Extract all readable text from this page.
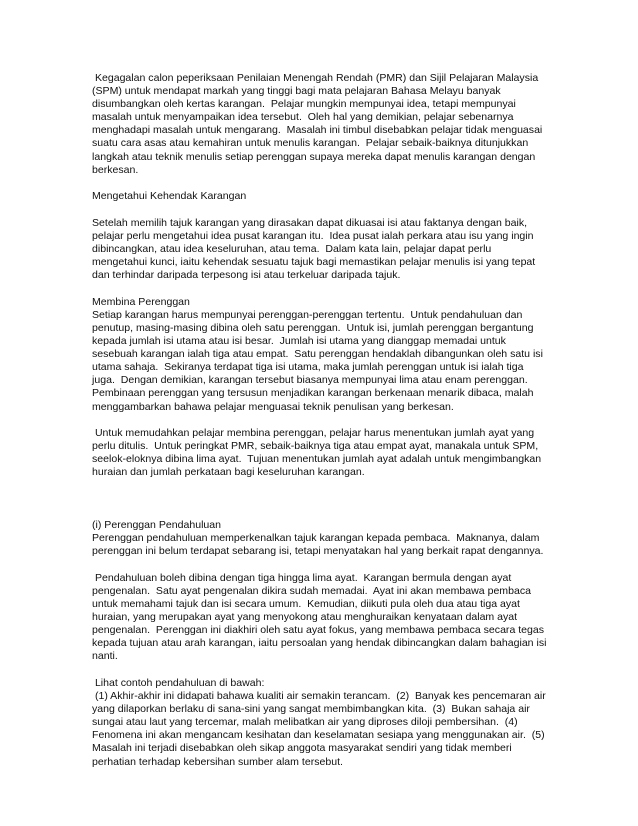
Kegagalan calon peperiksaan Penilaian Menengah Rendah (PMR) dan Sijil Pelajaran Malaysia (SPM) untuk mendapat markah yang tinggi bagi mata pelajaran Bahasa Melayu banyak disumbangkan oleh kertas karangan.  Pelajar mungkin mempunyai idea, tetapi mempunyai masalah untuk menyampaikan idea tersebut.  Oleh hal yang demikian, pelajar sebenarnya menghadapi masalah untuk mengarang.  Masalah ini timbul disebabkan pelajar tidak menguasai suatu cara asas atau kemahiran untuk menulis karangan.  Pelajar sebaik-baiknya ditunjukkan langkah atau teknik menulis setiap perenggan supaya mereka dapat menulis karangan dengan berkesan.

Mengetahui Kehendak Karangan

Setelah memilih tajuk karangan yang dirasakan dapat dikuasai isi atau faktanya dengan baik, pelajar perlu mengetahui idea pusat karangan itu.  Idea pusat ialah perkara atau isu yang ingin dibincangkan, atau idea keseluruhan, atau tema.  Dalam kata lain, pelajar dapat perlu mengetahui kunci, iaitu kehendak sesuatu tajuk bagi memastikan pelajar menulis isi yang tepat dan terhindar daripada terpesong isi atau terkeluar daripada tajuk.

Membina Perenggan

Setiap karangan harus mempunyai perenggan-perenggan tertentu.  Untuk pendahuluan dan penutup, masing-masing dibina oleh satu perenggan.  Untuk isi, jumlah perenggan bergantung kepada jumlah isi utama atau isi besar.  Jumlah isi utama yang dianggap memadai untuk sesebuah karangan ialah tiga atau empat.  Satu perenggan hendaklah dibangunkan oleh satu isi utama sahaja.  Sekiranya terdapat tiga isi utama, maka jumlah perenggan untuk isi ialah tiga juga.  Dengan demikian, karangan tersebut biasanya mempunyai lima atau enam perenggan.  Pembinaan perenggan yang tersusun menjadikan karangan berkenaan menarik dibaca, malah menggambarkan bahawa pelajar menguasai teknik penulisan yang berkesan.

Untuk memudahkan pelajar membina perenggan, pelajar harus menentukan jumlah ayat yang perlu ditulis.  Untuk peringkat PMR, sebaik-baiknya tiga atau empat ayat, manakala untuk SPM, seelok-eloknya dibina lima ayat.  Tujuan menentukan jumlah ayat adalah untuk mengimbangkan huraian dan jumlah perkataan bagi keseluruhan karangan.

(i) Perenggan Pendahuluan

Perenggan pendahuluan memperkenalkan tajuk karangan kepada pembaca.  Maknanya, dalam perenggan ini belum terdapat sebarang isi, tetapi menyatakan hal yang berkait rapat dengannya.

Pendahuluan boleh dibina dengan tiga hingga lima ayat.  Karangan bermula dengan ayat pengenalan.  Satu ayat pengenalan dikira sudah memadai.  Ayat ini akan membawa pembaca untuk memahami tajuk dan isi secara umum.  Kemudian, diikuti pula oleh dua atau tiga ayat huraian, yang merupakan ayat yang menyokong atau menghuraikan kenyataan dalam ayat pengenalan.  Perenggan ini diakhiri oleh satu ayat fokus, yang membawa pembaca secara tegas kepada tujuan atau arah karangan, iaitu persoalan yang hendak dibincangkan dalam bahagian isi nanti.

Lihat contoh pendahuluan di bawah:

(1) Akhir-akhir ini didapati bahawa kualiti air semakin terancam.  (2)  Banyak kes pencemaran air yang dilaporkan berlaku di sana-sini yang sangat membimbangkan kita.  (3)  Bukan sahaja air sungai atau laut yang tercemar, malah melibatkan air yang diproses diloji pembersihan.  (4) Fenomena ini akan mengancam kesihatan dan keselamatan sesiapa yang menggunakan air.  (5)  Masalah ini terjadi disebabkan oleh sikap anggota masyarakat sendiri yang tidak memberi perhatian terhadap kebersihan sumber alam tersebut.
